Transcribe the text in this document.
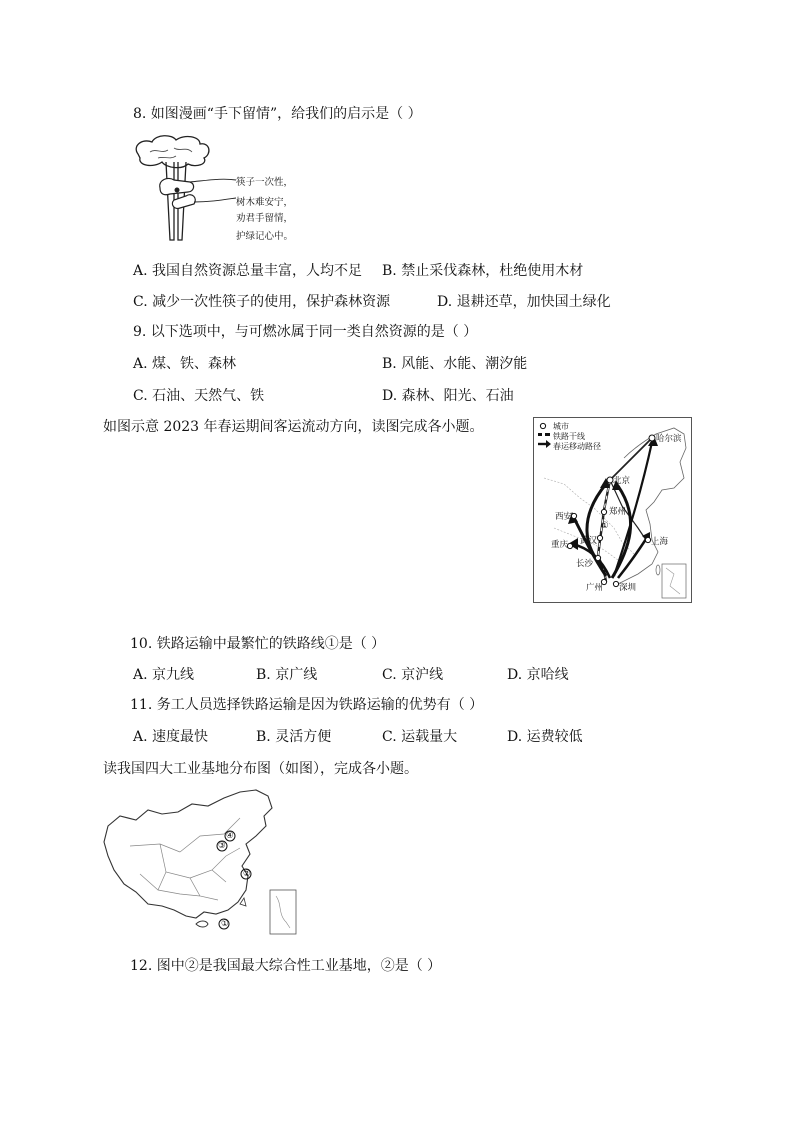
8. 如图漫画“手下留情”，给我们的启示是（ ）
筷子一次性，
树木难安宁，
劝君手留情，
护绿记心中。
A. 我国自然资源总量丰富，人均不足 B. 禁止采伐森林，杜绝使用木材
C. 减少一次性筷子的使用，保护森林资源	D. 退耕还草，加快国土绿化
9. 以下选项中，与可燃冰属于同一类自然资源的是（ ）
A. 煤、铁、森林	B. 风能、水能、潮汐能
C. 石油、天然气、铁	D. 森林、阳光、石油
如图示意 2023 年春运期间客运流动方向，读图完成各小题。	城市
铁路干线
春运移动路径
哈尔滨
北京
郑州
西安
武汉	上海
重庆
长沙
广州 深圳
①
10. 铁路运输中最繁忙的铁路线①是（ ）
A. 京九线	B. 京广线	C. 京沪线	D. 京哈线
11. 务工人员选择铁路运输是因为铁路运输的优势有（ ）
A. 速度最快	B. 灵活方便	C. 运载量大	D. 运费较低
读我国四大工业基地分布图（如图），完成各小题。
①
②
③
④
12. 图中②是我国最大综合性工业基地，②是（ ）
